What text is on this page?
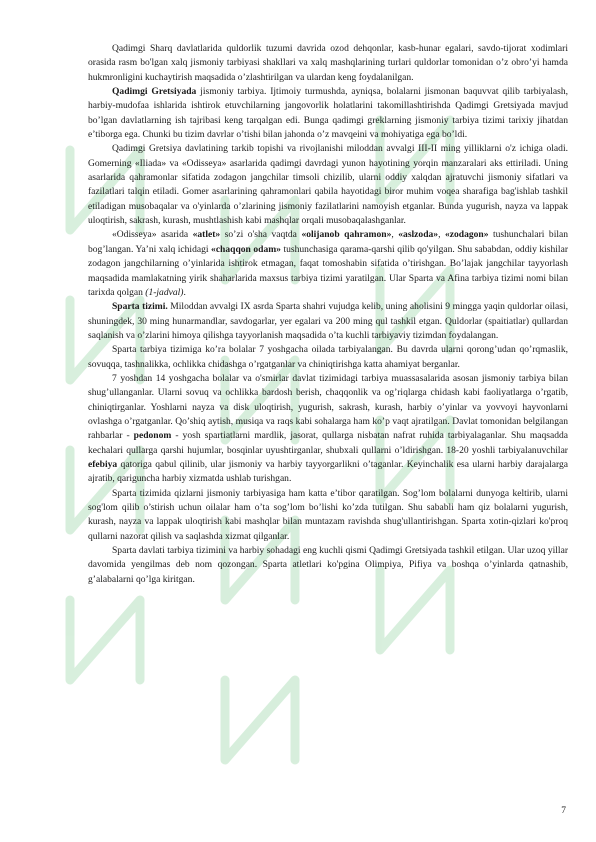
Qadimgi Sharq davlatlarida quldorlik tuzumi davrida ozod dehqonlar, kasb-hunar egalari, savdo-tijorat xodimlari orasida rasm bo'lgan xalq jismoniy tarbiyasi shakllari va xalq mashqlarining turlari quldorlar tomonidan o’z obro’yi hamda hukmronligini kuchaytirish maqsadida o’zlashtirilgan va ulardan keng foydalanilgan.

Qadimgi Gretsiyada jismoniy tarbiya. Ijtimoiy turmushda, ayniqsa, bolalarni jismonan baquvvat qilib tarbiyalash, harbiy-mudofaa ishlarida ishtirok etuvchilarning jangovorlik holatlarini takomillashtirishda Qadimgi Gretsiyada mavjud bo’lgan davlatlarning ish tajribasi keng tarqalgan edi. Bunga qadimgi greklarning jismoniy tarbiya tizimi tarixiy jihatdan e’tiborga ega. Chunki bu tizim davrlar o’tishi bilan jahonda o’z mavqeini va mohiyatiga ega bo’ldi.

Qadimgi Gretsiya davlatining tarkib topishi va rivojlanishi miloddan avvalgi III-II ming yilliklarni o'z ichiga oladi. Gomerning «Iliada» va «Odisseya» asarlarida qadimgi davrdagi yunon hayotining yorqin manzaralari aks ettiriladi. Uning asarlarida qahramonlar sifatida zodagon jangchilar timsoli chizilib, ularni oddiy xalqdan ajratuvchi jismoniy sifatlari va fazilatlari talqin etiladi. Gomer asarlarining qahramonlari qabila hayotidagi biror muhim voqea sharafiga bag'ishlab tashkil etiladigan musobaqalar va o'yinlarda o’zlarining jismoniy fazilatlarini namoyish etganlar. Bunda yugurish, nayza va lappak uloqtirish, sakrash, kurash, mushtlashish kabi mashqlar orqali musobaqalashganlar.

«Odisseya» asarida «atlet» so’zi o'sha vaqtda «olijanob qahramon», «aslzoda», «zodagon» tushunchalari bilan bog’langan. Ya’ni xalq ichidagi «chaqqon odam» tushunchasiga qarama-qarshi qilib qo'yilgan. Shu sababdan, oddiy kishilar zodagon jangchilarning o’yinlarida ishtirok etmagan, faqat tomoshabin sifatida o’tirishgan. Bo’lajak jangchilar tayyorlash maqsadida mamlakatning yirik shaharlarida maxsus tarbiya tizimi yaratilgan. Ular Sparta va Afina tarbiya tizimi nomi bilan tarixda qolgan (1-jadval).

Sparta tizimi. Miloddan avvalgi IX asrda Sparta shahri vujudga kelib, uning aholisini 9 mingga yaqin quldorlar oilasi, shuningdek, 30 ming hunarmandlar, savdogarlar, yer egalari va 200 ming qul tashkil etgan. Quldorlar (spaitiatlar) qullardan saqlanish va o’zlarini himoya qilishga tayyorlanish maqsadida o’ta kuchli tarbiyaviy tizimdan foydalangan.

Sparta tarbiya tizimiga ko’ra bolalar 7 yoshgacha oilada tarbiyalangan. Bu davrda ularni qorong’udan qo’rqmaslik, sovuqqa, tashnalikka, ochlikka chidashga o’rgatganlar va chiniqtirishga katta ahamiyat berganlar.

7 yoshdan 14 yoshgacha bolalar va o'smirlar davlat tizimidagi tarbiya muassasalarida asosan jismoniy tarbiya bilan shug’ullanganlar. Ularni sovuq va ochlikka bardosh berish, chaqqonlik va og’riqlarga chidash kabi faoliyatlarga o’rgatib, chiniqtirganlar. Yoshlarni nayza va disk uloqtirish, yugurish, sakrash, kurash, harbiy o’yinlar va yovvoyi hayvonlarni ovlashga o’rgatganlar. Qo’shiq aytish, musiqa va raqs kabi sohalarga ham ko’p vaqt ajratilgan. Davlat tomonidan belgilangan rahbarlar - pedonom - yosh spartiatlarni mardlik, jasorat, qullarga nisbatan nafrat ruhida tarbiyalaganlar. Shu maqsadda kechalari qullarga qarshi hujumlar, bosqinlar uyushtirganlar, shubxali qullarni o’ldirishgan. 18-20 yoshli tarbiyalanuvchilar efebiya qatoriga qabul qilinib, ular jismoniy va harbiy tayyorgarlikni o’taganlar. Keyinchalik esa ularni harbiy darajalarga ajratib, qariguncha harbiy xizmatda ushlab turishgan.

Sparta tizimida qizlarni jismoniy tarbiyasiga ham katta e’tibor qaratilgan. Sog’lom bolalarni dunyoga keltirib, ularni sog'lom qilib o’stirish uchun oilalar ham o’ta sog’lom bo’lishi ko’zda tutilgan. Shu sababli ham qiz bolalarni yugurish, kurash, nayza va lappak uloqtirish kabi mashqlar bilan muntazam ravishda shug'ullantirishgan. Sparta xotin-qizlari ko'proq qullarni nazorat qilish va saqlashda xizmat qilganlar.

Sparta davlati tarbiya tizimini va harbiy sohadagi eng kuchli qismi Qadimgi Gretsiyada tashkil etilgan. Ular uzoq yillar davomida yengilmas deb nom qozongan. Sparta atletlari ko'pgina Olimpiya, Pifiya va boshqa o’yinlarda qatnashib, g’alabalarni qo’lga kiritgan.

7
